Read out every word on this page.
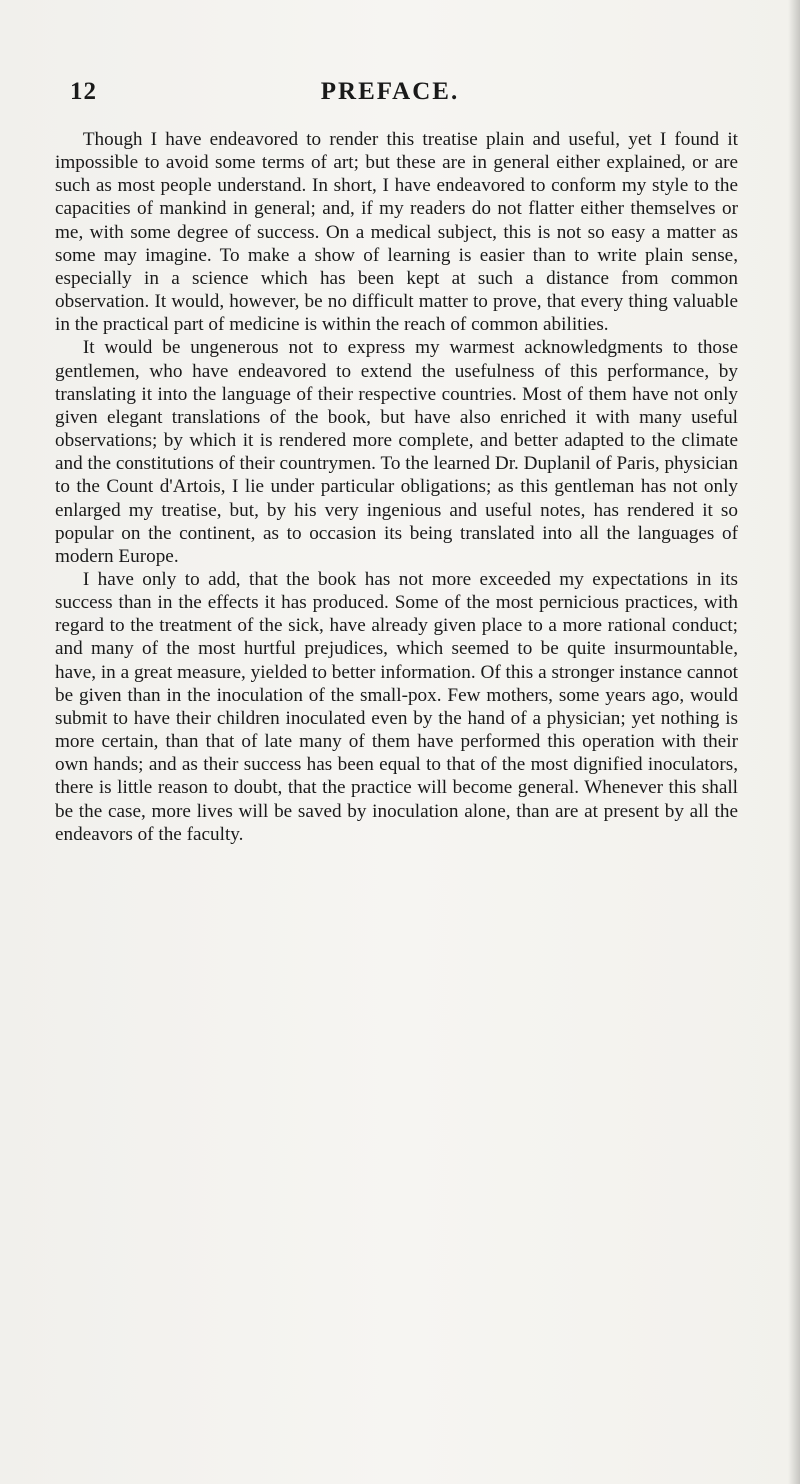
12	PREFACE.

Though I have endeavored to render this treatise plain and useful, yet I found it impossible to avoid some terms of art; but these are in general either explained, or are such as most people understand. In short, I have endeavored to conform my style to the capacities of mankind in general; and, if my readers do not flatter either themselves or me, with some degree of success. On a medical subject, this is not so easy a matter as some may imagine. To make a show of learning is easier than to write plain sense, especially in a science which has been kept at such a distance from common observation. It would, however, be no difficult matter to prove, that every thing valuable in the practical part of medicine is within the reach of common abilities.

It would be ungenerous not to express my warmest acknowledgments to those gentlemen, who have endeavored to extend the usefulness of this performance, by translating it into the language of their respective countries. Most of them have not only given elegant translations of the book, but have also enriched it with many useful observations; by which it is rendered more complete, and better adapted to the climate and the constitutions of their countrymen. To the learned Dr. Duplanil of Paris, physician to the Count d'Artois, I lie under particular obligations; as this gentleman has not only enlarged my treatise, but, by his very ingenious and useful notes, has rendered it so popular on the continent, as to occasion its being translated into all the languages of modern Europe.

I have only to add, that the book has not more exceeded my expectations in its success than in the effects it has produced. Some of the most pernicious practices, with regard to the treatment of the sick, have already given place to a more rational conduct; and many of the most hurtful prejudices, which seemed to be quite insurmountable, have, in a great measure, yielded to better information. Of this a stronger instance cannot be given than in the inoculation of the small-pox. Few mothers, some years ago, would submit to have their children inoculated even by the hand of a physician; yet nothing is more certain, than that of late many of them have performed this operation with their own hands; and as their success has been equal to that of the most dignified inoculators, there is little reason to doubt, that the practice will become general. Whenever this shall be the case, more lives will be saved by inoculation alone, than are at present by all the endeavors of the faculty.
